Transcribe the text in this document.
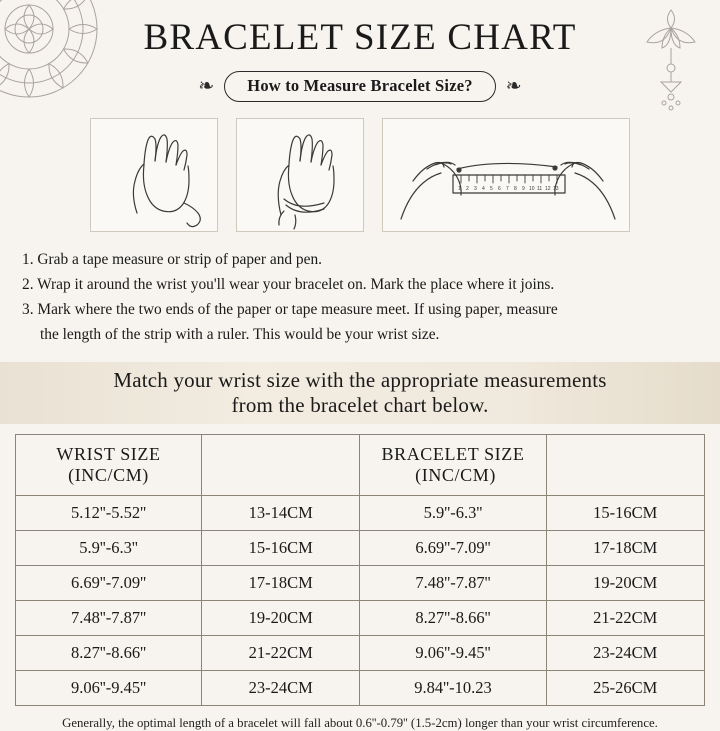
BRACELET SIZE CHART
❧	How to Measure Bracelet Size?	❧
1 2 3 4 5 6 7 8 9 10 11 12 13
1. Grab a tape measure or strip of paper and pen.
2. Wrap it around the wrist you'll wear your bracelet on. Mark the place where it joins.
3. Mark where the two ends of the paper or tape measure meet. If using paper, measure
the length of the strip with a ruler. This would be your wrist size.
Match your wrist size with the appropriate measurements
from the bracelet chart below.
WRIST SIZE (INC/CM)		BRACELET SIZE  (INC/CM)	
5.12''-5.52''	13-14CM	5.9''-6.3''	15-16CM
5.9''-6.3''	15-16CM	6.69''-7.09''	17-18CM
6.69''-7.09''	17-18CM	7.48''-7.87''	19-20CM
7.48''-7.87''	19-20CM	8.27''-8.66''	21-22CM
8.27''-8.66''	21-22CM	9.06''-9.45''	23-24CM
9.06''-9.45''	23-24CM	9.84''-10.23	25-26CM
Generally, the optimal length of a bracelet will fall about 0.6''-0.79'' (1.5-2cm) longer than your wrist circumference.
